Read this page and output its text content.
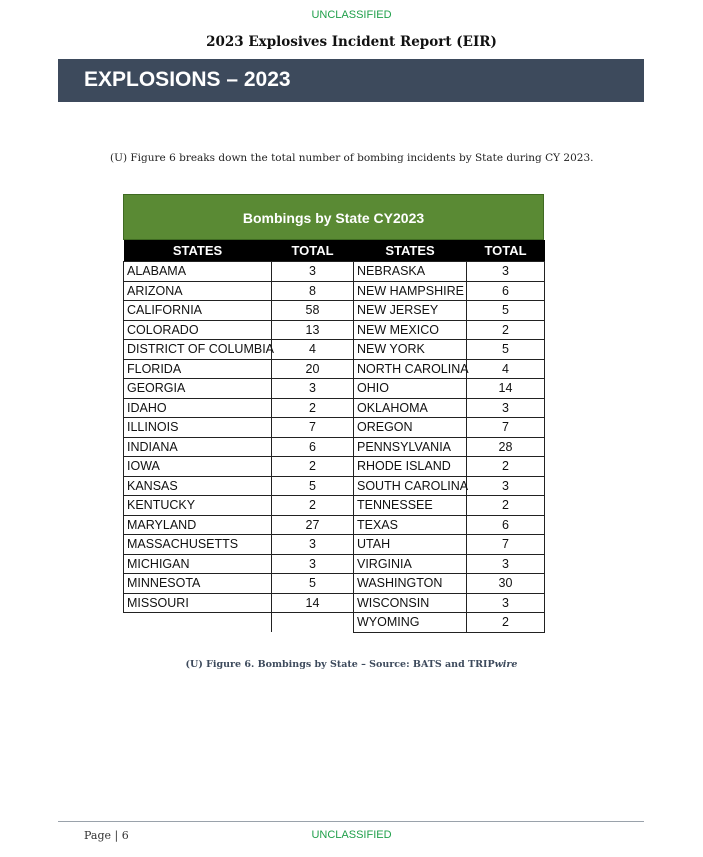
UNCLASSIFIED
2023 Explosives Incident Report (EIR)
EXPLOSIONS – 2023
(U) Figure 6 breaks down the total number of bombing incidents by State during CY 2023.
Bombings by State CY2023
STATES	TOTAL	STATES	TOTAL
ALABAMA	3	NEBRASKA	3
ARIZONA	8	NEW HAMPSHIRE	6
CALIFORNIA	58	NEW JERSEY	5
COLORADO	13	NEW MEXICO	2
DISTRICT OF COLUMBIA	4	NEW YORK	5
FLORIDA	20	NORTH CAROLINA	4
GEORGIA	3	OHIO	14
IDAHO	2	OKLAHOMA	3
ILLINOIS	7	OREGON	7
INDIANA	6	PENNSYLVANIA	28
IOWA	2	RHODE ISLAND	2
KANSAS	5	SOUTH CAROLINA	3
KENTUCKY	2	TENNESSEE	2
MARYLAND	27	TEXAS	6
MASSACHUSETTS	3	UTAH	7
MICHIGAN	3	VIRGINIA	3
MINNESOTA	5	WASHINGTON	30
MISSOURI	14	WISCONSIN	3
		WYOMING	2
(U) Figure 6. Bombings by State – Source: BATS and TRIPwire
Page | 6	UNCLASSIFIED
